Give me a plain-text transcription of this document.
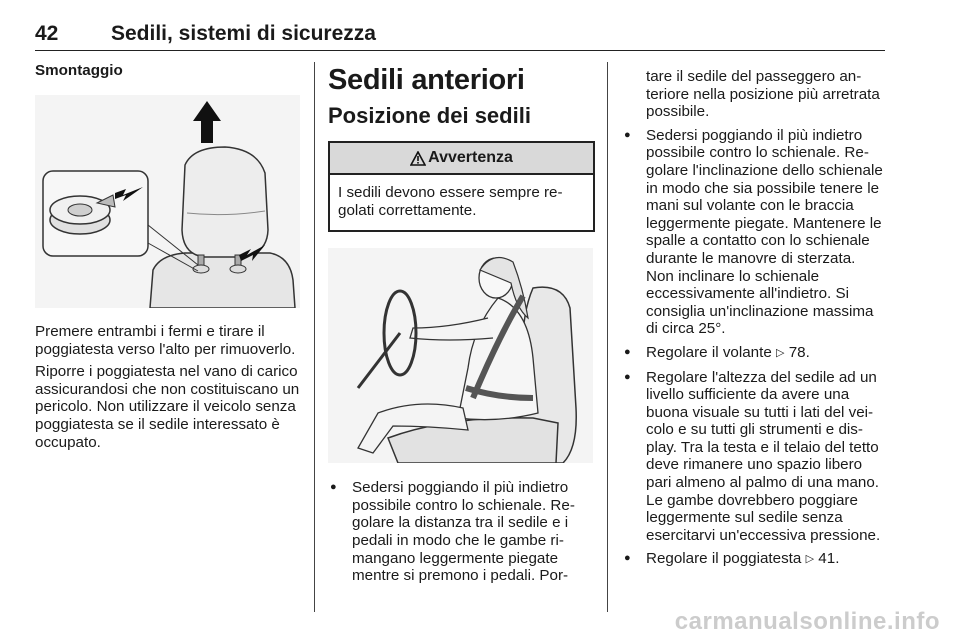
42	Sedili, sistemi di sicurezza
Smontaggio

Premere entrambi i fermi e tirare il poggiatesta verso l'alto per rimuoverlo.

Riporre i poggiatesta nel vano di carico assicurandosi che non costituiscano un pericolo. Non utilizzare il veicolo senza poggiatesta se il sedile interessato è occupato.

Sedili anteriori
Posizione dei sedili
Avvertenza
I sedili devono essere sempre regolati correttamente.
● Sedersi poggiando il più indietro possibile contro lo schienale. Regolare la distanza tra il sedile e i pedali in modo che le gambe rimangano leggermente piegate mentre si premono i pedali. Por-
tare il sedile del passeggero anteriore nella posizione più arretrata possibile.
● Sedersi poggiando il più indietro possibile contro lo schienale. Regolare l'inclinazione dello schienale in modo che sia possibile tenere le mani sul volante con le braccia leggermente piegate. Mantenere le spalle a contatto con lo schienale durante le manovre di sterzata. Non inclinare lo schienale eccessivamente all'indietro. Si consiglia un'inclinazione massima di circa 25°.
● Regolare il volante ▷ 78.
● Regolare l'altezza del sedile ad un livello sufficiente da avere una buona visuale su tutti i lati del veicolo e su tutti gli strumenti e display. Tra la testa e il telaio del tetto deve rimanere uno spazio libero pari almeno al palmo di una mano. Le gambe dovrebbero poggiare leggermente sul sedile senza esercitarvi un'eccessiva pressione.
● Regolare il poggiatesta ▷ 41.
carmanualsonline.info
